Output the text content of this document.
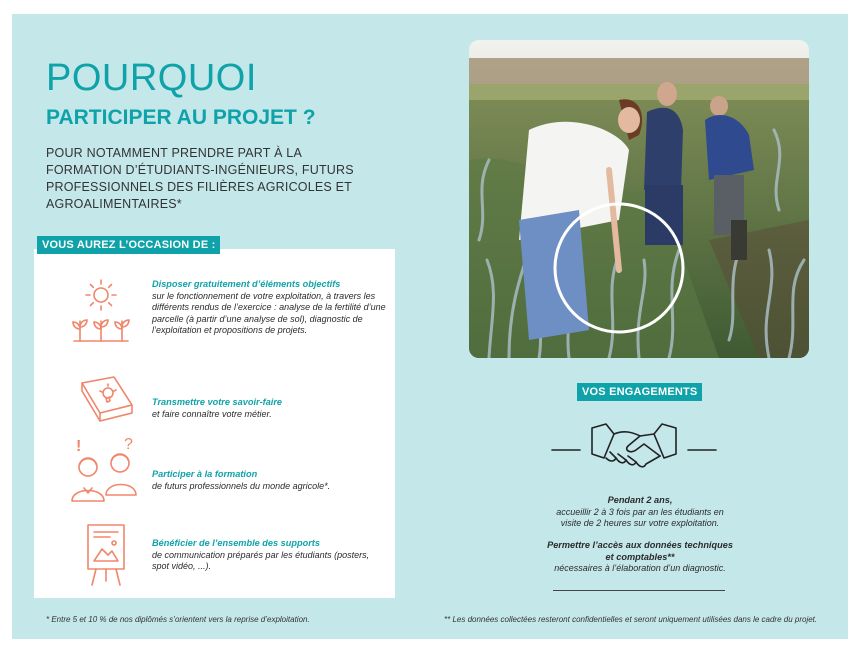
POURQUOI
PARTICIPER AU PROJET ?

POUR NOTAMMENT PRENDRE PART À LA FORMATION D’ÉTUDIANTS-INGÉNIEURS, FUTURS PROFESSIONNELS DES FILIÈRES AGRICOLES ET AGROALIMENTAIRES*

Disposer gratuitement d’éléments objectifs
sur le fonctionnement de votre exploitation, à travers les différents rendus de l’exercice : analyse de la fertilité d’une parcelle (à partir d’une analyse de sol), diagnostic de l’exploitation et propositions de projets.
Transmettre votre savoir-faire
et faire connaître votre métier.
!	?
Participer à la formation
de futurs professionnels du monde agricole*.
Bénéficier de l’ensemble des supports
de communication préparés par les étudiants (posters, spot vidéo, ...).
VOUS AUREZ L’OCCASION DE :
VOS ENGAGEMENTS
Pendant 2 ans,
accueillir 2 à 3 fois par an les étudiants en visite de 2 heures sur votre exploitation.
Permettre l’accès aux données techniques et comptables**
nécessaires à l’élaboration d’un diagnostic.

* Entre 5 et 10 % de nos diplômés s’orientent vers la reprise d’exploitation.	** Les données collectées resteront confidentielles et seront uniquement utilisées dans le cadre du projet.
